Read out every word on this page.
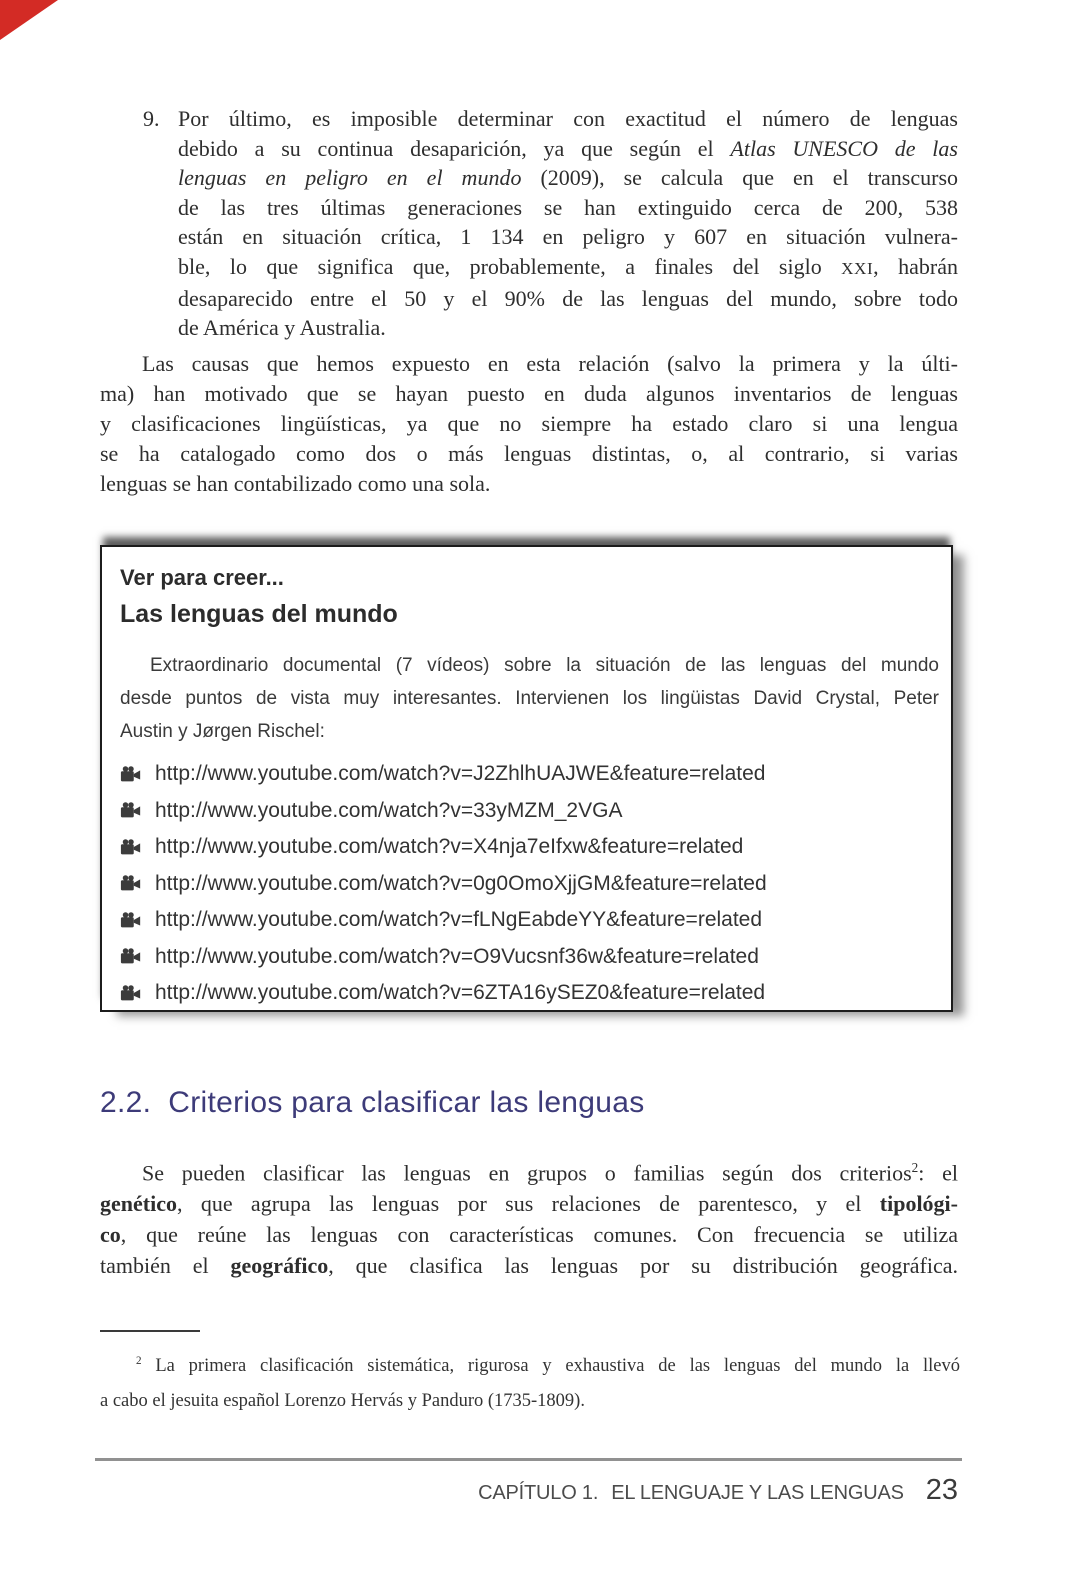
9. Por último, es imposible determinar con exactitud el número de lenguas
debido a su continua desaparición, ya que según el Atlas UNESCO de las
lenguas en peligro en el mundo (2009), se calcula que en el transcurso
de las tres últimas generaciones se han extinguido cerca de 200, 538
están en situación crítica, 1 134 en peligro y 607 en situación vulnera-
ble, lo que significa que, probablemente, a finales del siglo XXI, habrán
desaparecido entre el 50 y el 90% de las lenguas del mundo, sobre todo
de América y Australia.
Las causas que hemos expuesto en esta relación (salvo la primera y la últi-
ma) han motivado que se hayan puesto en duda algunos inventarios de lenguas
y clasificaciones lingüísticas, ya que no siempre ha estado claro si una lengua
se ha catalogado como dos o más lenguas distintas, o, al contrario, si varias
lenguas se han contabilizado como una sola.
Ver para creer...
Las lenguas del mundo
Extraordinario documental (7 vídeos) sobre la situación de las lenguas del mundo
desde puntos de vista muy interesantes. Intervienen los lingüistas David Crystal, Peter
Austin y Jørgen Rischel:
http://www.youtube.com/watch?v=J2ZhlhUAJWE&feature=related
http://www.youtube.com/watch?v=33yMZM_2VGA
http://www.youtube.com/watch?v=X4nja7eIfxw&feature=related
http://www.youtube.com/watch?v=0g0OmoXjjGM&feature=related
http://www.youtube.com/watch?v=fLNgEabdeYY&feature=related
http://www.youtube.com/watch?v=O9Vucsnf36w&feature=related
http://www.youtube.com/watch?v=6ZTA16ySEZ0&feature=related
2.2. Criterios para clasificar las lenguas
Se pueden clasificar las lenguas en grupos o familias según dos criterios$^2$: el
genético, que agrupa las lenguas por sus relaciones de parentesco, y el tipológi-
co, que reúne las lenguas con características comunes. Con frecuencia se utiliza
también el geográfico, que clasifica las lenguas por su distribución geográfica.
$^2$ La primera clasificación sistemática, rigurosa y exhaustiva de las lenguas del mundo la llevó
a cabo el jesuita español Lorenzo Hervás y Panduro (1735-1809).
CAPÍTULO 1. EL LENGUAJE Y LAS LENGUAS 23
